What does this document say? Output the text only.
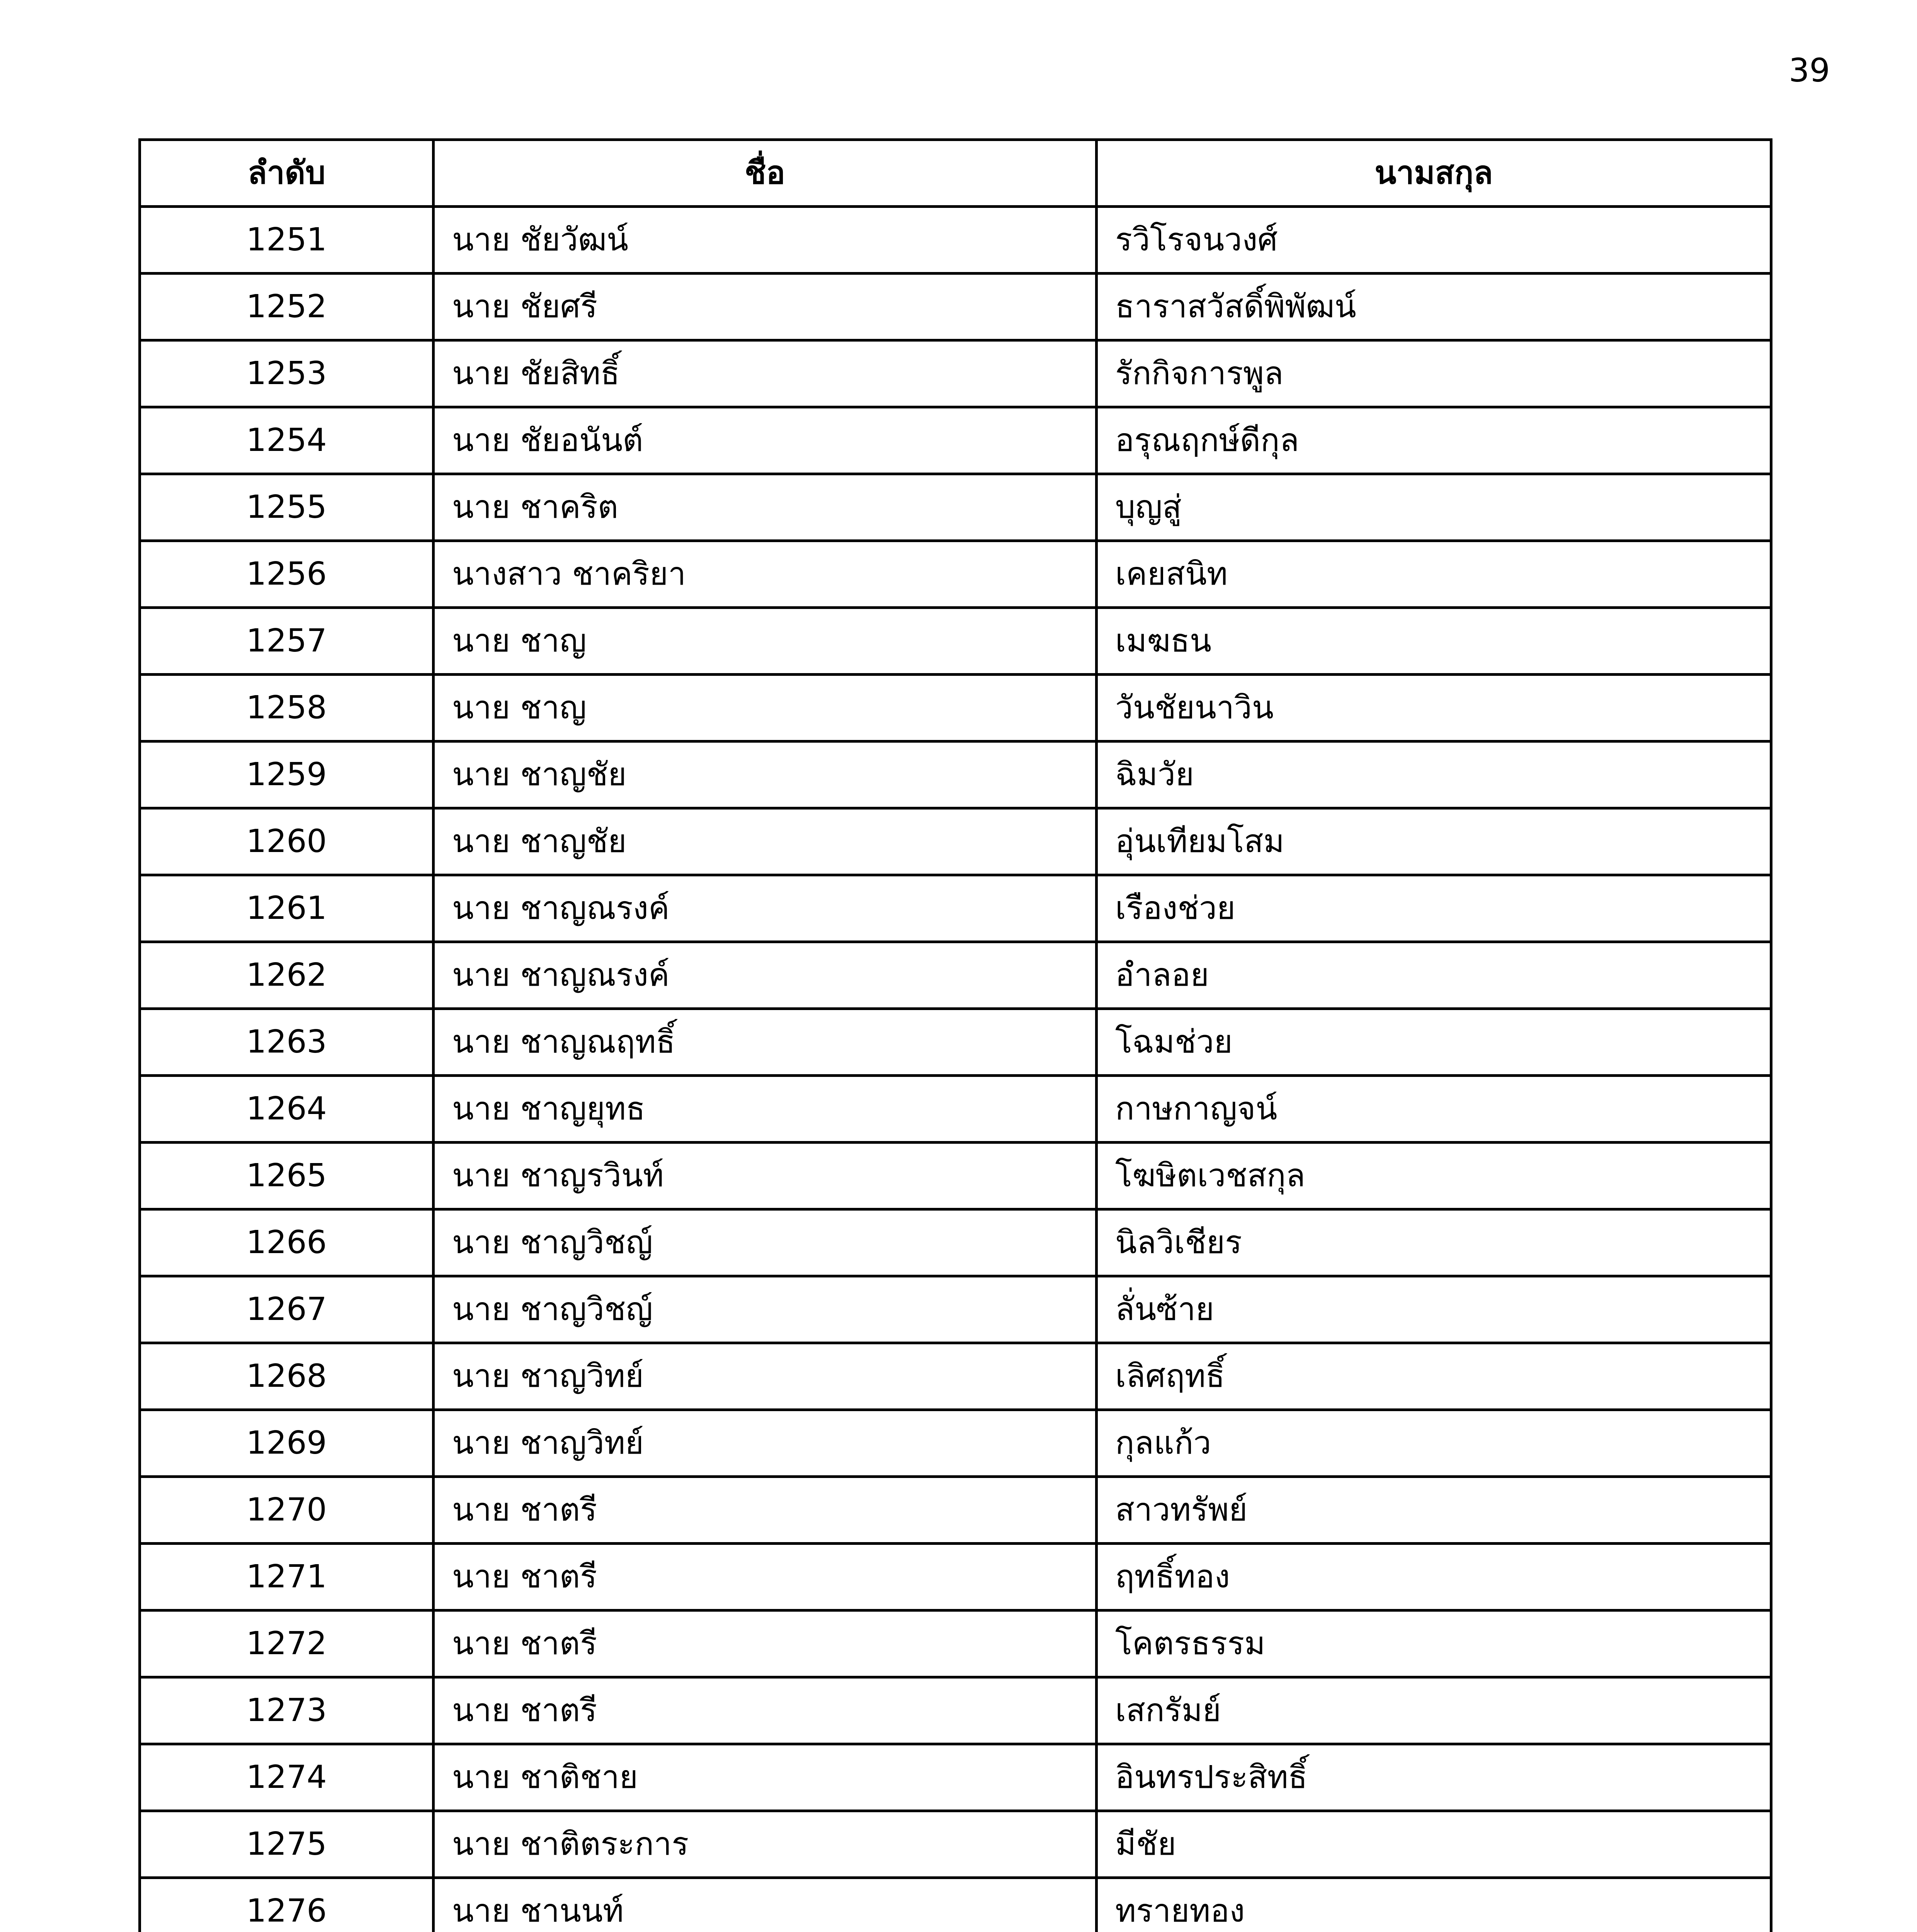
39
ลำดับ	ชื่อ	นามสกุล
1251	นาย ชัยวัฒน์	รวิโรจนวงศ์
1252	นาย ชัยศรี	ธาราสวัสดิ์พิพัฒน์
1253	นาย ชัยสิทธิ์	รักกิจการพูล
1254	นาย ชัยอนันต์	อรุณฤกษ์ดีกุล
1255	นาย ชาคริต	บุญสู่
1256	นางสาว ชาคริยา	เคยสนิท
1257	นาย ชาญ	เมฆธน
1258	นาย ชาญ	วันชัยนาวิน
1259	นาย ชาญชัย	ฉิมวัย
1260	นาย ชาญชัย	อุ่นเทียมโสม
1261	นาย ชาญณรงค์	เรืองช่วย
1262	นาย ชาญณรงค์	อำลอย
1263	นาย ชาญณฤทธิ์	โฉมช่วย
1264	นาย ชาญยุทธ	กาษกาญจน์
1265	นาย ชาญรวินท์	โฆษิตเวชสกุล
1266	นาย ชาญวิชญ์	นิลวิเชียร
1267	นาย ชาญวิชญ์	ลั่นซ้าย
1268	นาย ชาญวิทย์	เลิศฤทธิ์
1269	นาย ชาญวิทย์	กุลแก้ว
1270	นาย ชาตรี	สาวทรัพย์
1271	นาย ชาตรี	ฤทธิ์ทอง
1272	นาย ชาตรี	โคตรธรรม
1273	นาย ชาตรี	เสกรัมย์
1274	นาย ชาติชาย	อินทรประสิทธิ์
1275	นาย ชาติตระการ	มีชัย
1276	นาย ชานนท์	ทรายทอง
